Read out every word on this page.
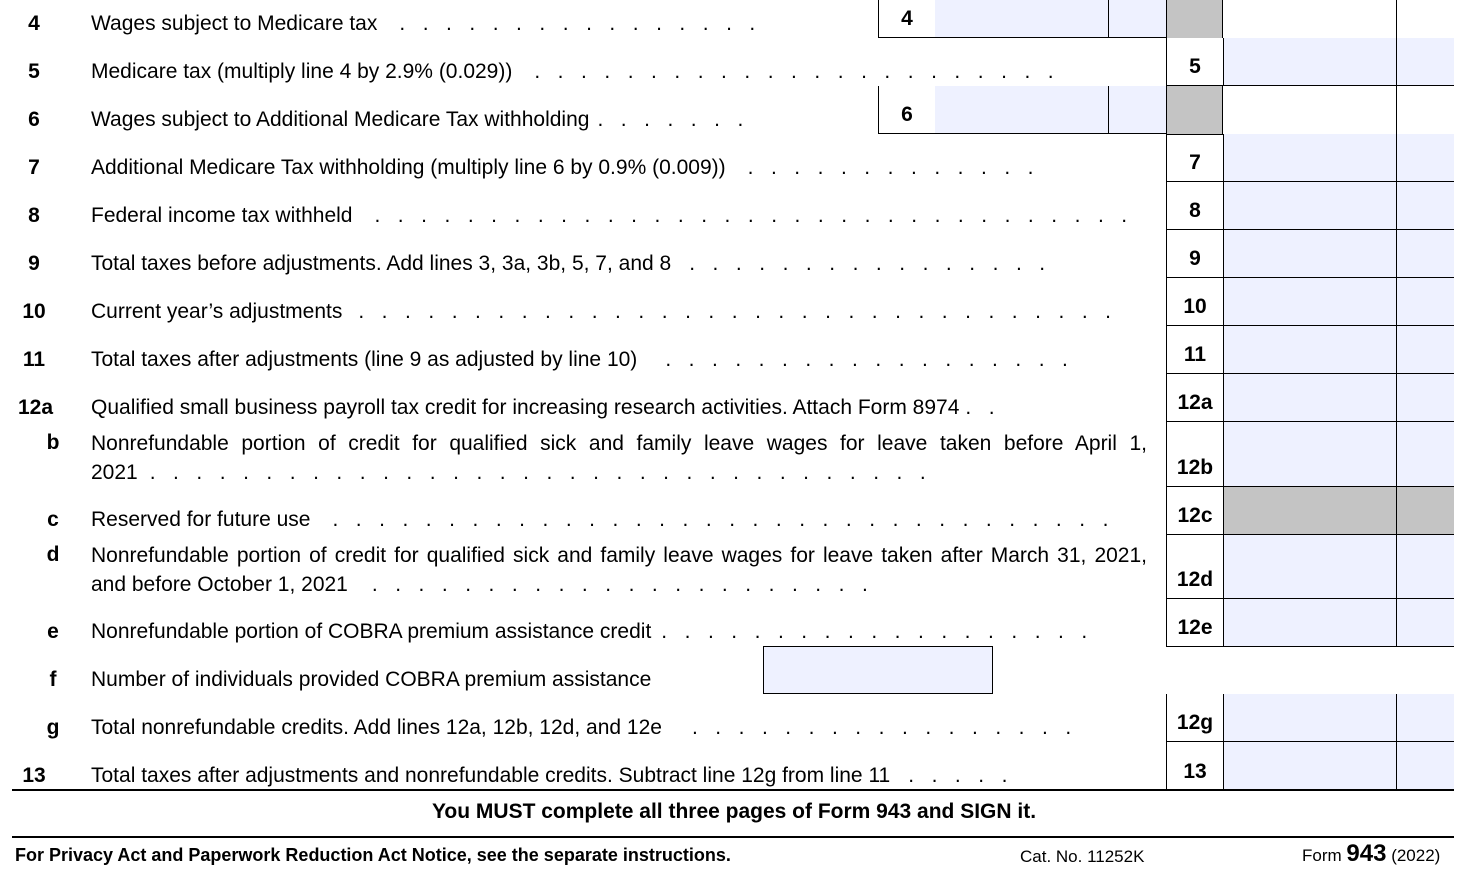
4	Wages subject to Medicare tax .   .   .   .   .   .   .   .   .   .   .   .   .   .   .   .	4
5	Medicare tax (multiply line 4 by 2.9% (0.029)) .   .   .   .   .   .   .   .   .   .   .   .   .   .   .   .   .   .   .   .   .   .   .	5
6	Wages subject to Additional Medicare Tax withholding .   .   .   .   .   .   .	6
7	Additional Medicare Tax withholding (multiply line 6 by 0.9% (0.009)) .   .   .   .   .   .   .   .   .   .   .   .   .	7
8	Federal income tax withheld .   .   .   .   .   .   .   .   .   .   .   .   .   .   .   .   .   .   .   .   .   .   .   .   .   .   .   .   .   .   .   .   .	8
9	Total taxes before adjustments. Add lines 3, 3a, 3b, 5, 7, and 8 .   .   .   .   .   .   .   .   .   .   .   .   .   .   .   .	9
10	Current year’s adjustments .   .   .   .   .   .   .   .   .   .   .   .   .   .   .   .   .   .   .   .   .   .   .   .   .   .   .   .   .   .   .   .   .	10
11	Total taxes after adjustments (line 9 as adjusted by line 10) .   .   .   .   .   .   .   .   .   .   .   .   .   .   .   .   .   .	11
12a	Qualified small business payroll tax credit for increasing research activities. Attach Form 8974 .   .	12a
b	Nonrefundable portion of credit for qualified sick and family leave wages for leave taken before April 1, 2021 .   .   .   .   .   .   .   .   .   .   .   .   .   .   .   .   .   .   .   .   .   .   .   .   .   .   .   .   .   .   .   .   .   .	12b
c	Reserved for future use .   .   .   .   .   .   .   .   .   .   .   .   .   .   .   .   .   .   .   .   .   .   .   .   .   .   .   .   .   .   .   .   .   .	12c
d	Nonrefundable portion of credit for qualified sick and family leave wages for leave taken after March 31, 2021, and before October 1, 2021 .   .   .   .   .   .   .   .   .   .   .   .   .   .   .   .   .   .   .   .   .   .	12d
e	Nonrefundable portion of COBRA premium assistance credit .   .   .   .   .   .   .   .   .   .   .   .   .   .   .   .   .   .   .	12e
f	Number of individuals provided COBRA premium assistance
g	Total nonrefundable credits. Add lines 12a, 12b, 12d, and 12e .   .   .   .   .   .   .   .   .   .   .   .   .   .   .   .   .	12g
13	Total taxes after adjustments and nonrefundable credits. Subtract line 12g from line 11 .   .   .   .   .	13
You MUST complete all three pages of Form 943 and SIGN it.
For Privacy Act and Paperwork Reduction Act Notice, see the separate instructions.	Cat. No. 11252K	Form 943 (2022)
